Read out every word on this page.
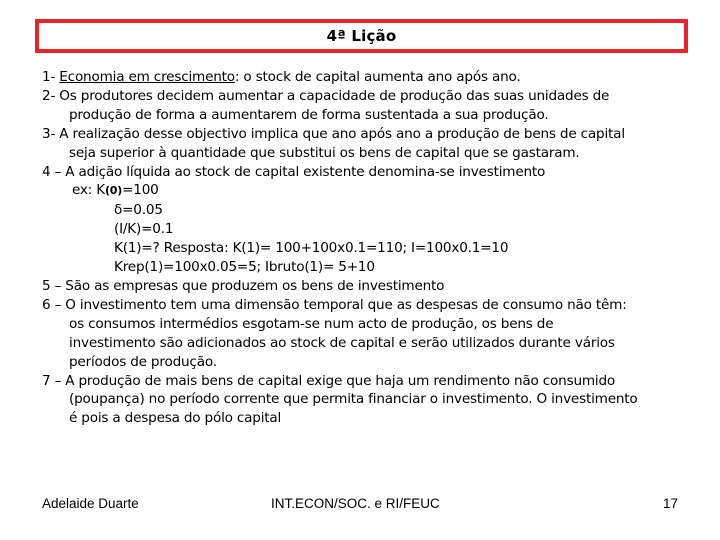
4ª Lição
1- Economia em crescimento: o stock de capital aumenta ano após ano.
2- Os produtores decidem aumentar a capacidade de produção das suas unidades de
produção de forma a aumentarem de forma sustentada a sua produção.
3- A realização desse objectivo implica que ano após ano a produção de bens de capital
seja superior à quantidade que substitui os bens de capital que se gastaram.
4 – A adição líquida ao stock de capital existente denomina-se investimento
ex: K(0)=100
δ=0.05
(I/K)=0.1
K(1)=? Resposta: K(1)= 100+100x0.1=110; I=100x0.1=10
Krep(1)=100x0.05=5; Ibruto(1)= 5+10
5 – São as empresas que produzem os bens de investimento
6 – O investimento tem uma dimensão temporal que as despesas de consumo não têm:
os consumos intermédios esgotam-se num acto de produção, os bens de
investimento são adicionados ao stock de capital e serão utilizados durante vários
períodos de produção.
7 – A produção de mais bens de capital exige que haja um rendimento não consumido
(poupança) no período corrente que permita financiar o investimento. O investimento
é pois a despesa do pólo capital
Adelaide Duarte	INT.ECON/SOC. e RI/FEUC	17
